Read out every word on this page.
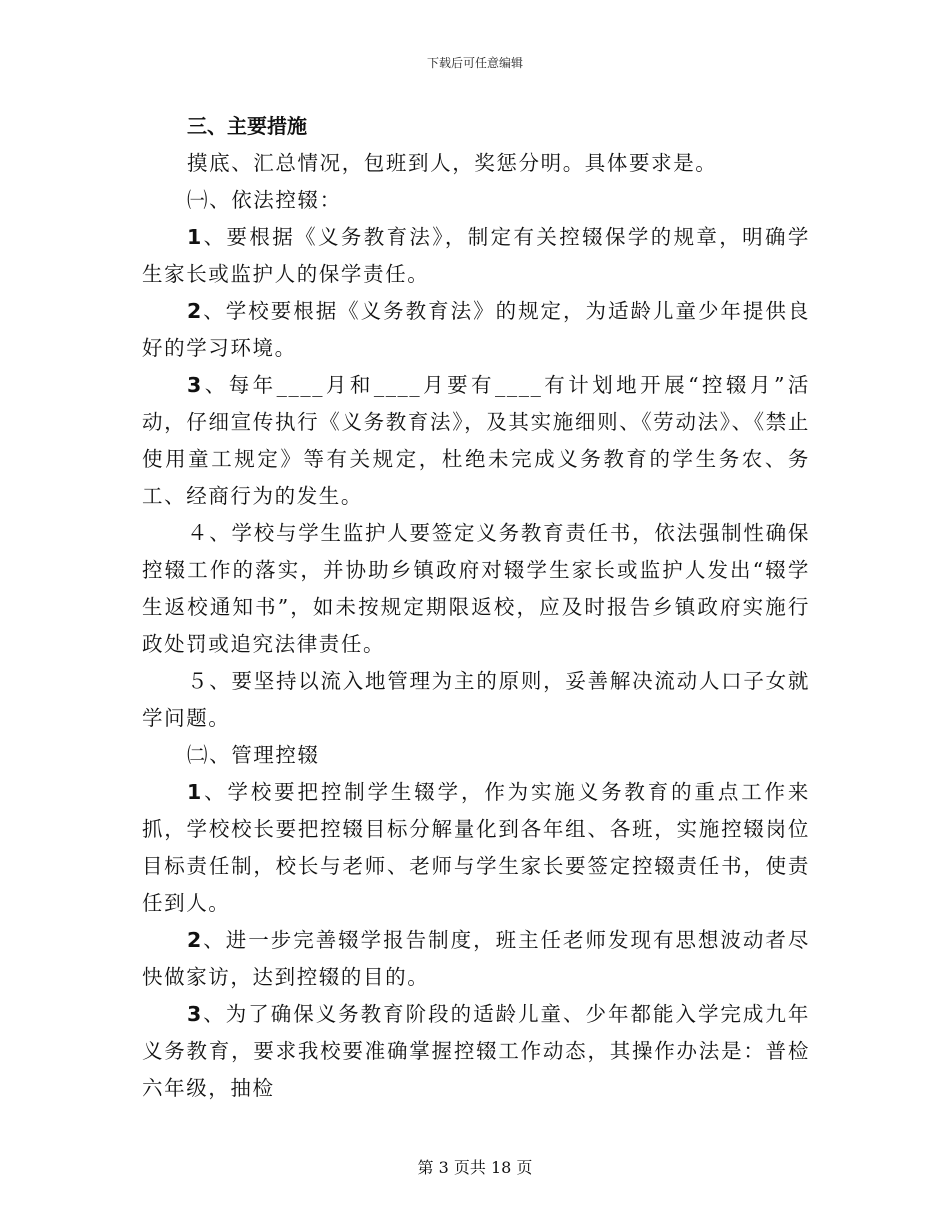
下载后可任意编辑
三、主要措施

摸底、汇总情况，包班到人，奖惩分明。具体要求是。

㈠、依法控辍：

1、要根据《义务教育法》，制定有关控辍保学的规章，明确学生家长或监护人的保学责任。

2、学校要根据《义务教育法》的规定，为适龄儿童少年提供良好的学习环境。

3、每年____月和____月要有____有计划地开展“控辍月”活动，仔细宣传执行《义务教育法》，及其实施细则、《劳动法》、《禁止使用童工规定》等有关规定，杜绝未完成义务教育的学生务农、务工、经商行为的发生。

４、学校与学生监护人要签定义务教育责任书，依法强制性确保控辍工作的落实，并协助乡镇政府对辍学生家长或监护人发出“辍学生返校通知书”，如未按规定期限返校，应及时报告乡镇政府实施行政处罚或追究法律责任。

５、要坚持以流入地管理为主的原则，妥善解决流动人口子女就学问题。

㈡、管理控辍

1、学校要把控制学生辍学，作为实施义务教育的重点工作来抓，学校校长要把控辍目标分解量化到各年组、各班，实施控辍岗位目标责任制，校长与老师、老师与学生家长要签定控辍责任书，使责任到人。

2、进一步完善辍学报告制度，班主任老师发现有思想波动者尽快做家访，达到控辍的目的。

3、为了确保义务教育阶段的适龄儿童、少年都能入学完成九年义务教育，要求我校要准确掌握控辍工作动态，其操作办法是：普检六年级，抽检

第 3 页共 18 页
